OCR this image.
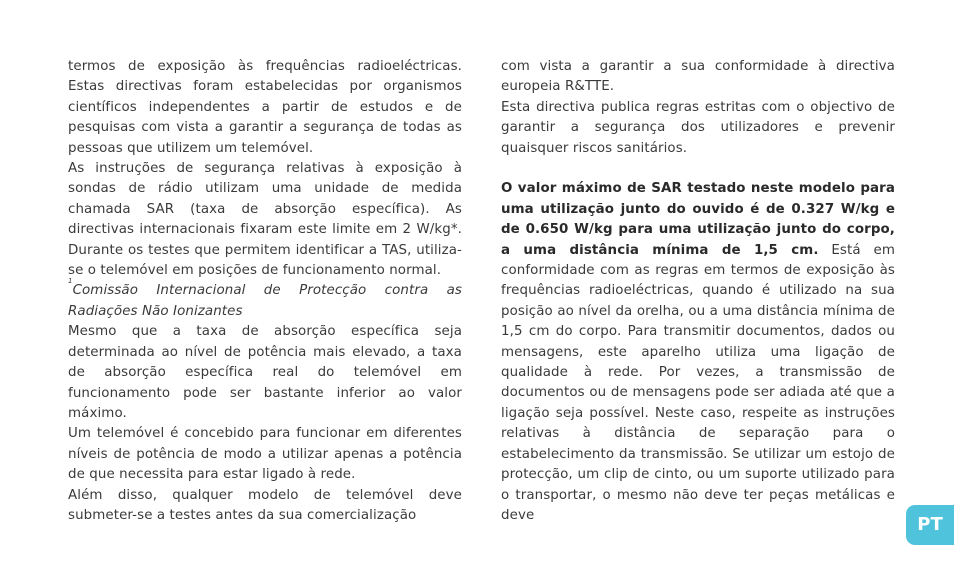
termos de exposição às frequências radioeléctricas. Estas directivas foram estabelecidas por organismos científicos independentes a partir de estudos e de pesquisas com vista a garantir a segurança de todas as pessoas que utilizem um telemóvel.

As instruções de segurança relativas à exposição à sondas de rádio utilizam uma unidade de medida chamada SAR (taxa de absorção específica). As directivas internacionais fixaram este limite em 2 W/kg*. Durante os testes que permitem identificar a TAS, utiliza-se o telemóvel em posições de funcionamento normal.

$^1$Comissão Internacional de Protecção contra as Radiações Não Ionizantes

Mesmo que a taxa de absorção específica seja determinada ao nível de potência mais elevado, a taxa de absorção específica real do telemóvel em funcionamento pode ser bastante inferior ao valor máximo.

Um telemóvel é concebido para funcionar em diferentes níveis de potência de modo a utilizar apenas a potência de que necessita para estar ligado à rede.

Além disso, qualquer modelo de telemóvel deve submeter-se a testes antes da sua comercialização

com vista a garantir a sua conformidade à directiva europeia R&TTE.

Esta directiva publica regras estritas com o objectivo de garantir a segurança dos utilizadores e prevenir quaisquer riscos sanitários.

O valor máximo de SAR testado neste modelo para uma utilização junto do ouvido é de 0.327 W/kg e de 0.650 W/kg para uma utilização junto do corpo, a uma distância mínima de 1,5 cm. Está em conformidade com as regras em termos de exposição às frequências radioeléctricas, quando é utilizado na sua posição ao nível da orelha, ou a uma distância mínima de 1,5 cm do corpo. Para transmitir documentos, dados ou mensagens, este aparelho utiliza uma ligação de qualidade à rede. Por vezes, a transmissão de documentos ou de mensagens pode ser adiada até que a ligação seja possível. Neste caso, respeite as instruções relativas à distância de separação para o estabelecimento da transmissão. Se utilizar um estojo de protecção, um clip de cinto, ou um suporte utilizado para o transportar, o mesmo não deve ter peças metálicas e deve	PT
